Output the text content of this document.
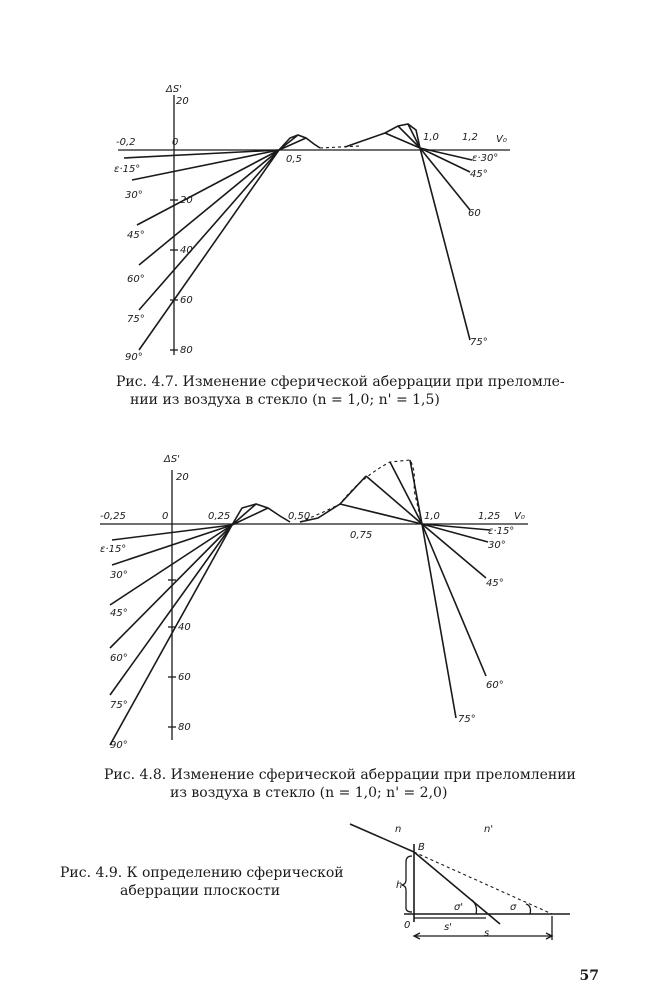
ΔS'
20
-0,2	0
20
40
60
80
0,5
1,0 1,2 V₀
ε·15°
30°
45°
60°
75°
90°
ε·30°
45°
60
75°
ΔS'
20
-0,25	0	0,25	0,50
0,75
1,0	1,25 V₀
40
60
80
ε·15°
30°
45°
60°
75°
90°
ε·15°
30°
45°
60°
75°
n	n'
B
h
0
σ'	σ
s'
s
Рис. 4.7. Изменение сферической аберрации при преломле-
нии из воздуха в стекло (n = 1,0; n' = 1,5)
Рис. 4.8. Изменение сферической аберрации при преломлении
из воздуха в стекло (n = 1,0; n' = 2,0)
Рис. 4.9. К определению сферической
аберрации плоскости
57
